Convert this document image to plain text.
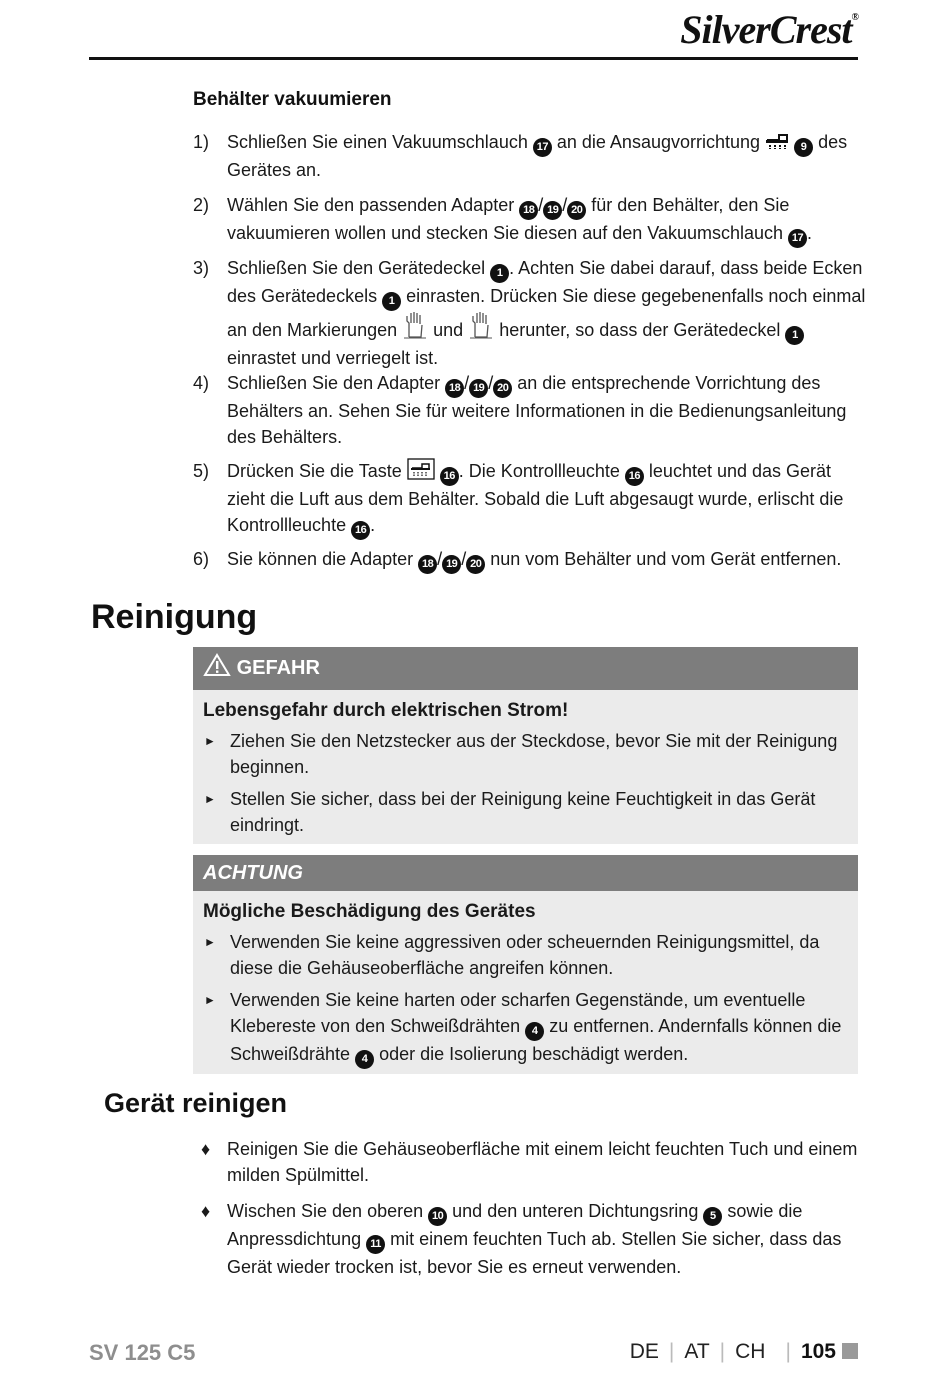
SilverCrest®
Behälter vakuumieren
1) Schließen Sie einen Vakuumschlauch 17 an die Ansaugvorrichtung	9 des Gerätes an.
2) Wählen Sie den passenden Adapter 18 / 19 / 20 für den Behälter, den Sie vakuumieren wollen und stecken Sie diesen auf den Vakuumschlauch 17 .
3) Schließen Sie den Gerätedeckel 1 . Achten Sie dabei darauf, dass beide Ecken des Gerätedeckels 1 einrasten. Drücken Sie diese gegebenenfalls noch einmal an den Markierungen und herunter, so dass der Gerätedeckel 1 einrastet und verriegelt ist.
4) Schließen Sie den Adapter 18 / 19 / 20 an die entsprechende Vorrichtung des Behälters an. Sehen Sie für weitere Informationen in die Bedienungsanleitung des Behälters.
5) Drücken Sie die Taste	16 . Die Kontrollleuchte 16 leuchtet und das Gerät zieht die Luft aus dem Behälter. Sobald die Luft abgesaugt wurde, erlischt die Kontrollleuchte 16 .
6) Sie können die Adapter 18 / 19 / 20 nun vom Behälter und vom Gerät entfernen.
Reinigung
GEFAHR
Lebensgefahr durch elektrischen Strom!
► Ziehen Sie den Netzstecker aus der Steckdose, bevor Sie mit der Reinigung beginnen.
► Stellen Sie sicher, dass bei der Reinigung keine Feuchtigkeit in das Gerät eindringt.
ACHTUNG
Mögliche Beschädigung des Gerätes
► Verwenden Sie keine aggressiven oder scheuernden Reinigungsmittel, da diese die Gehäuseoberfläche angreifen können.
► Verwenden Sie keine harten oder scharfen Gegenstände, um eventuelle Klebereste von den Schweißdrähten 4 zu entfernen. Andernfalls können die Schweißdrähte 4 oder die Isolierung beschädigt werden.
Gerät reinigen
♦ Reinigen Sie die Gehäuseoberfläche mit einem leicht feuchten Tuch und einem milden Spülmittel.
♦ Wischen Sie den oberen 10 und den unteren Dichtungsring 5 sowie die Anpressdichtung 11 mit einem feuchten Tuch ab. Stellen Sie sicher, dass das Gerät wieder trocken ist, bevor Sie es erneut verwenden.
SV 125 C5	DE | AT | CH | 105
